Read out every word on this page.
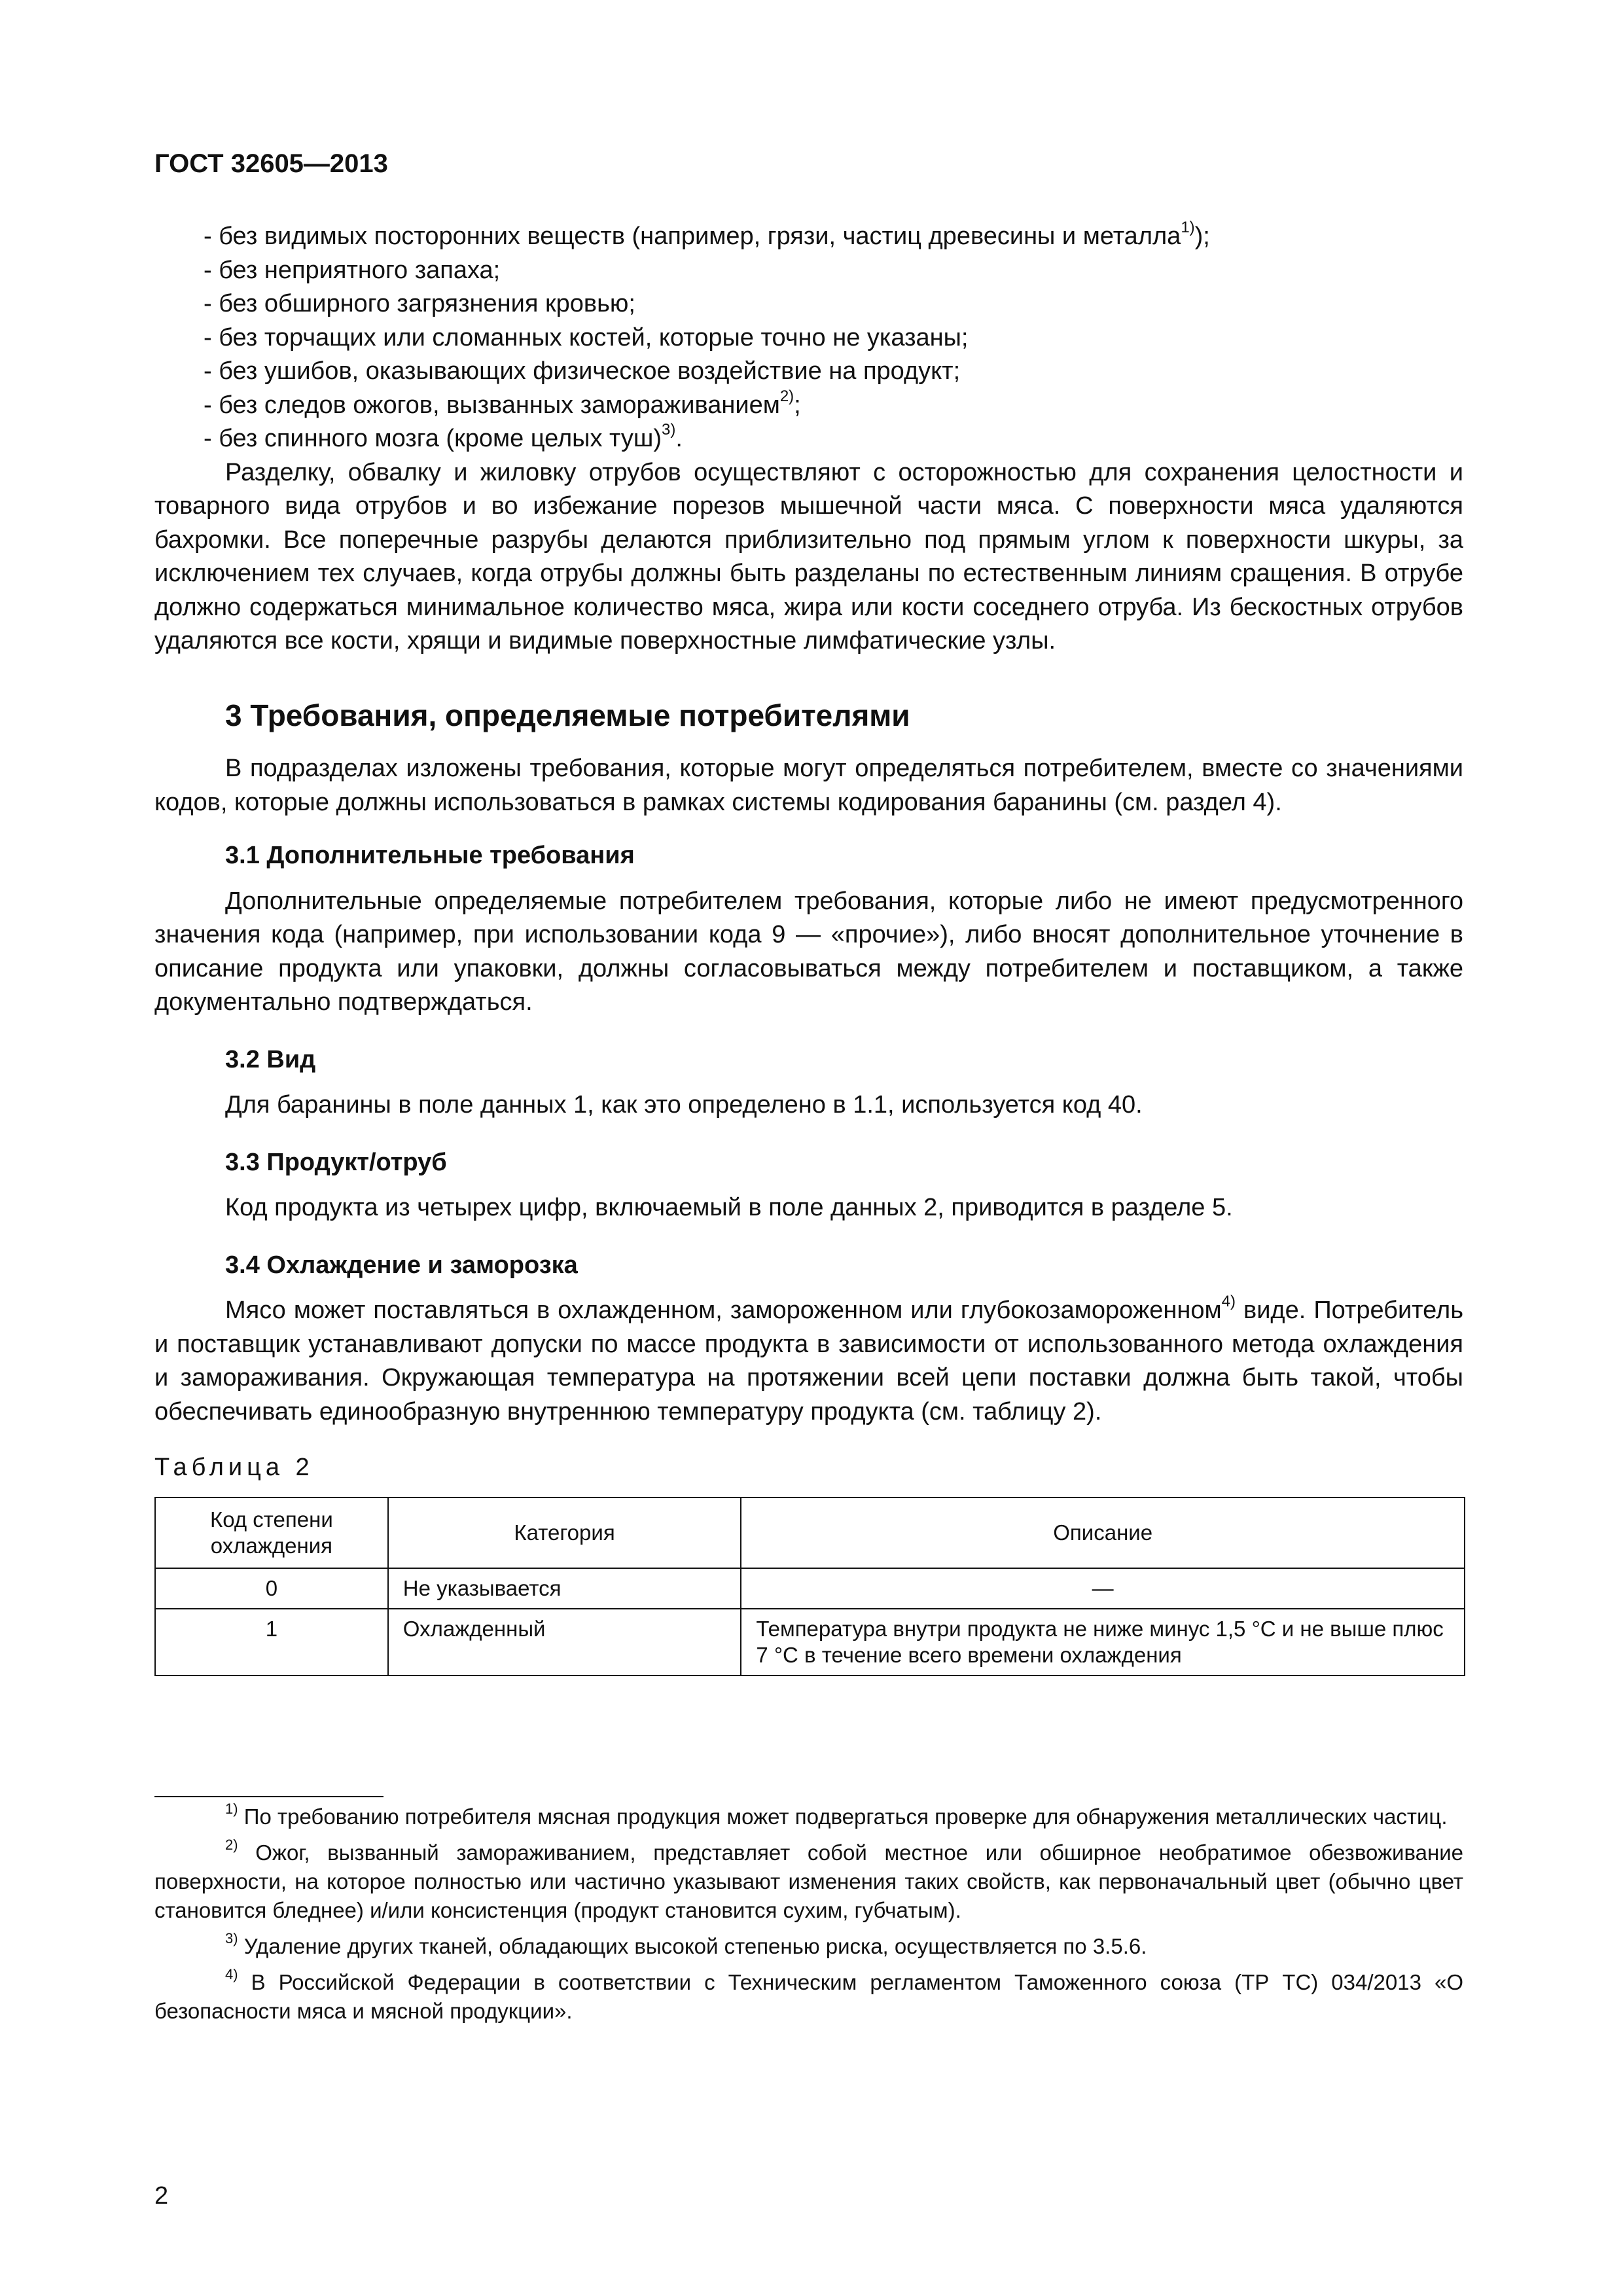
ГОСТ 32605—2013
- без видимых посторонних веществ (например, грязи, частиц древесины и металла$^{1)}$);
- без неприятного запаха;
- без обширного загрязнения кровью;
- без торчащих или сломанных костей, которые точно не указаны;
- без ушибов, оказывающих физическое воздействие на продукт;
- без следов ожогов, вызванных замораживанием$^{2)}$;
- без спинного мозга (кроме целых туш)$^{3)}$.

Разделку, обвалку и жиловку отрубов осуществляют с осторожностью для сохранения целостности и товарного вида отрубов и во избежание порезов мышечной части мяса. С поверхности мяса удаляются бахромки. Все поперечные разрубы делаются приблизительно под прямым углом к поверхности шкуры, за исключением тех случаев, когда отрубы должны быть разделаны по естественным линиям сращения. В отрубе должно содержаться минимальное количество мяса, жира или кости соседнего отруба. Из бескостных отрубов удаляются все кости, хрящи и видимые поверхностные лимфатические узлы.

3 Требования, определяемые потребителями

В подразделах изложены требования, которые могут определяться потребителем, вместе со значениями кодов, которые должны использоваться в рамках системы кодирования баранины (см. раздел 4).

3.1 Дополнительные требования

Дополнительные определяемые потребителем требования, которые либо не имеют предусмотренного значения кода (например, при использовании кода 9 — «прочие»), либо вносят дополнительное уточнение в описание продукта или упаковки, должны согласовываться между потребителем и поставщиком, а также документально подтверждаться.

3.2 Вид

Для баранины в поле данных 1, как это определено в 1.1, используется код 40.

3.3 Продукт/отруб

Код продукта из четырех цифр, включаемый в поле данных 2, приводится в разделе 5.

3.4 Охлаждение и заморозка

Мясо может поставляться в охлажденном, замороженном или глубокозамороженном$^{4)}$ виде. Потребитель и поставщик устанавливают допуски по массе продукта в зависимости от использованного метода охлаждения и замораживания. Окружающая температура на протяжении всей цепи поставки должна быть такой, чтобы обеспечивать единообразную внутреннюю температуру продукта (см. таблицу 2).

Таблица 2
Код степени охлаждения	Категория	Описание
0	Не указывается	—
1	Охлажденный	Температура внутри продукта не ниже минус 1,5 °С и не выше плюс 7 °С в течение всего времени охлаждения

$^{1)}$ По требованию потребителя мясная продукция может подвергаться проверке для обнаружения металлических частиц.

$^{2)}$ Ожог, вызванный замораживанием, представляет собой местное или обширное необратимое обезвоживание поверхности, на которое полностью или частично указывают изменения таких свойств, как первоначальный цвет (обычно цвет становится бледнее) и/или консистенция (продукт становится сухим, губчатым).

$^{3)}$ Удаление других тканей, обладающих высокой степенью риска, осуществляется по 3.5.6.

$^{4)}$ В Российской Федерации в соответствии с Техническим регламентом Таможенного союза (ТР ТС) 034/2013 «О безопасности мяса и мясной продукции».

2
